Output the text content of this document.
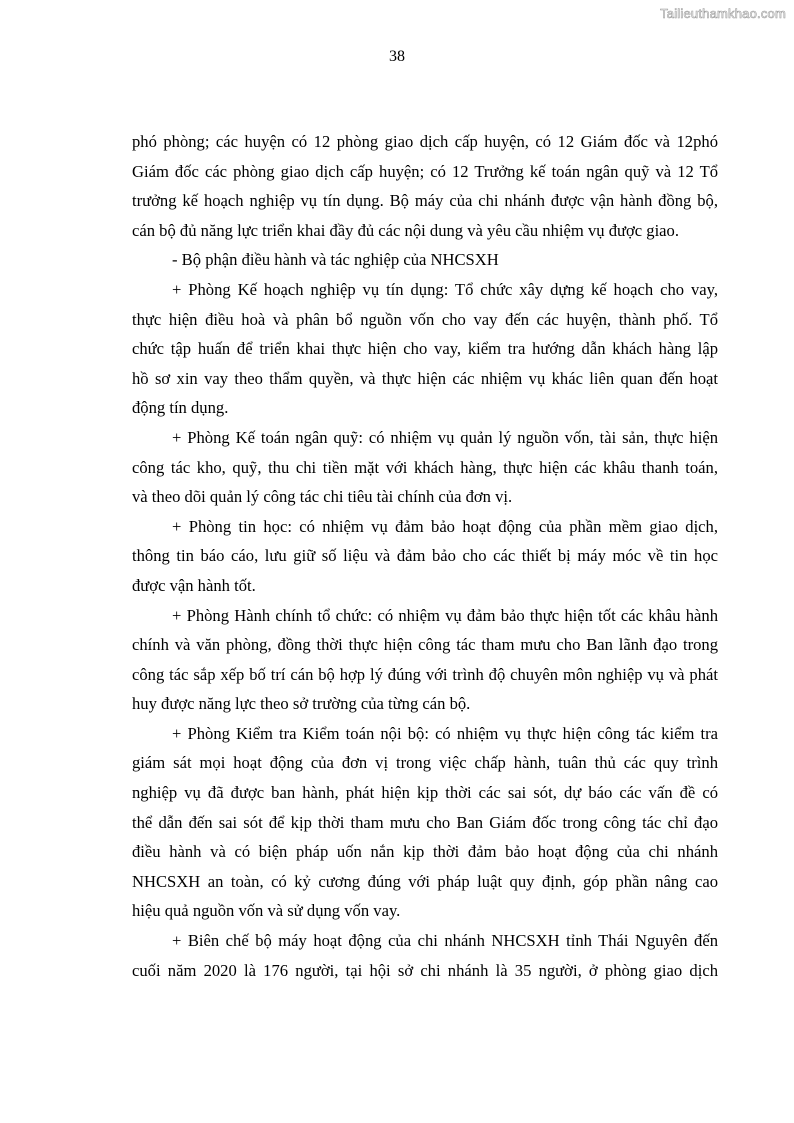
Tailieuthamkhao.com
38
phó phòng; các huyện có 12 phòng giao dịch cấp huyện, có 12 Giám đốc và 12phó
Giám đốc các phòng giao dịch cấp huyện; có 12 Trưởng kế toán ngân quỹ và 12 Tổ
trưởng kế hoạch nghiệp vụ tín dụng. Bộ máy của chi nhánh được vận hành đồng bộ,
cán bộ đủ năng lực triển khai đầy đủ các nội dung và yêu cầu nhiệm vụ được giao.
- Bộ phận điều hành và tác nghiệp của NHCSXH
+ Phòng Kế hoạch nghiệp vụ tín dụng: Tổ chức xây dựng kế hoạch cho vay,
thực hiện điều hoà và phân bổ nguồn vốn cho vay đến các huyện, thành phố. Tổ
chức tập huấn để triển khai thực hiện cho vay, kiểm tra hướng dẫn khách hàng lập
hồ sơ xin vay theo thẩm quyền, và thực hiện các nhiệm vụ khác liên quan đến hoạt
động tín dụng.
+ Phòng Kế toán ngân quỹ: có nhiệm vụ quản lý nguồn vốn, tài sản, thực hiện
công tác kho, quỹ, thu chi tiền mặt với khách hàng, thực hiện các khâu thanh toán,
và theo dõi quản lý công tác chi tiêu tài chính của đơn vị.
+ Phòng tin học: có nhiệm vụ đảm bảo hoạt động của phần mềm giao dịch,
thông tin báo cáo, lưu giữ số liệu và đảm bảo cho các thiết bị máy móc về tin học
được vận hành tốt.
+ Phòng Hành chính tổ chức: có nhiệm vụ đảm bảo thực hiện tốt các khâu hành
chính và văn phòng, đồng thời thực hiện công tác tham mưu cho Ban lãnh đạo trong
công tác sắp xếp bố trí cán bộ hợp lý đúng với trình độ chuyên môn nghiệp vụ và phát
huy được năng lực theo sở trường của từng cán bộ.
+ Phòng Kiểm tra Kiểm toán nội bộ: có nhiệm vụ thực hiện công tác kiểm tra
giám sát mọi hoạt động của đơn vị trong việc chấp hành, tuân thủ các quy trình
nghiệp vụ đã được ban hành, phát hiện kịp thời các sai sót, dự báo các vấn đề có
thể dẫn đến sai sót để kịp thời tham mưu cho Ban Giám đốc trong công tác chỉ đạo
điều hành và có biện pháp uốn nắn kịp thời đảm bảo hoạt động của chi nhánh
NHCSXH an toàn, có kỷ cương đúng với pháp luật quy định, góp phần nâng cao
hiệu quả nguồn vốn và sử dụng vốn vay.
+ Biên chế bộ máy hoạt động của chi nhánh NHCSXH tỉnh Thái Nguyên đến
cuối năm 2020 là 176 người, tại hội sở chi nhánh là 35 người, ở phòng giao dịch
